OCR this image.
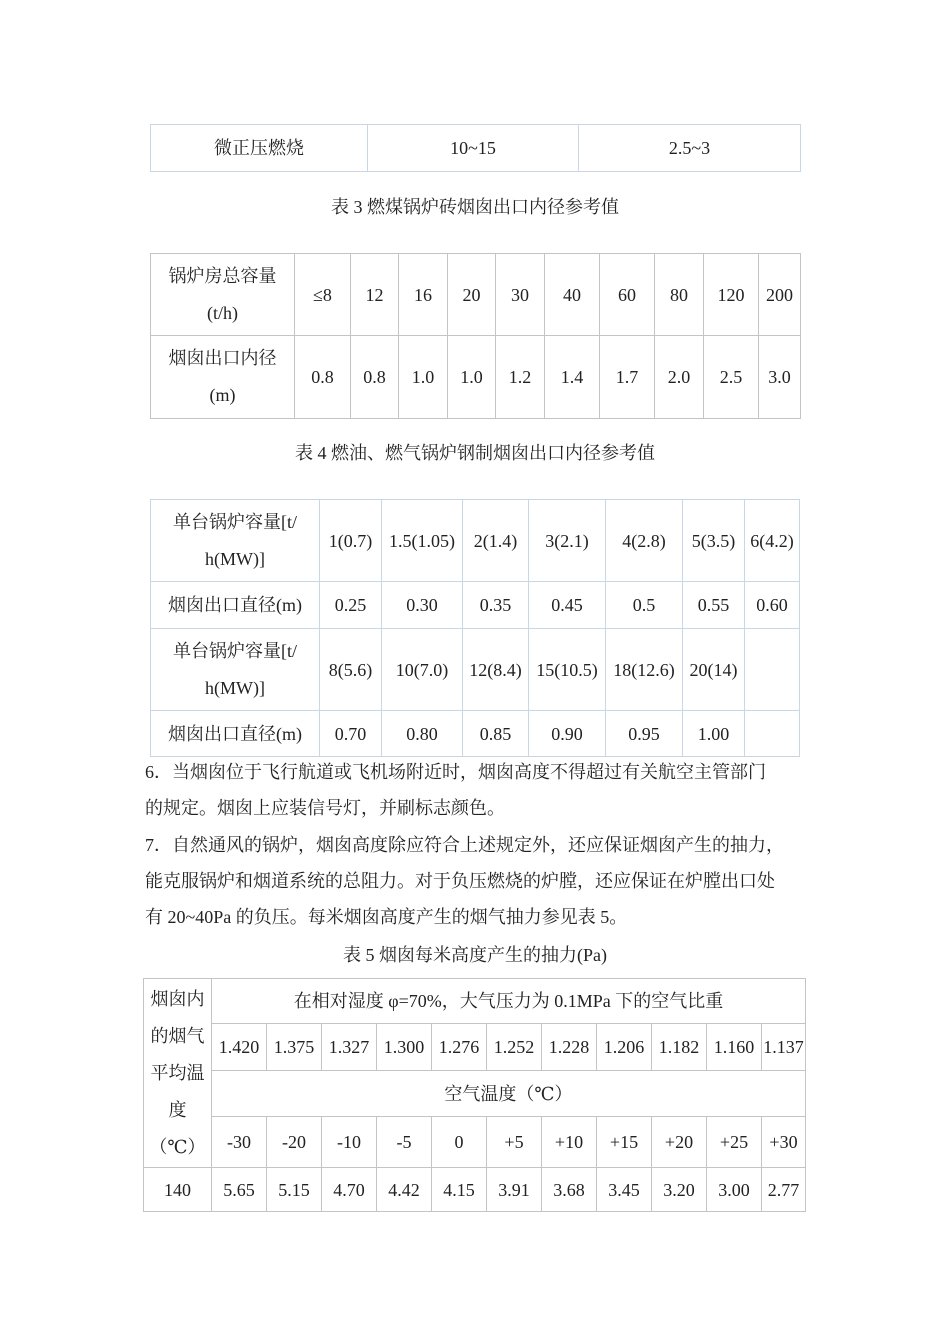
微正压燃烧	10~15	2.5~3
表 3 燃煤锅炉砖烟囱出口内径参考值
锅炉房总容量
(t/h)	≤8	12	16	20	30	40	60	80	120	200

烟囱出口内径
(m)	0.8	0.8	1.0	1.0	1.2	1.4	1.7	2.0	2.5	3.0
表 4 燃油、燃气锅炉钢制烟囱出口内径参考值
单台锅炉容量[t/
h(MW)]	1(0.7)	1.5(1.05)	2(1.4)	3(2.1)	4(2.8)	5(3.5)	6(4.2)
烟囱出口直径(m)	0.25	0.30	0.35	0.45	0.5	0.55	0.60

单台锅炉容量[t/
h(MW)]	8(5.6)	10(7.0)	12(8.4)	15(10.5)	18(12.6)	20(14)	
烟囱出口直径(m)	0.70	0.80	0.85	0.90	0.95	1.00	
6．当烟囱位于飞行航道或飞机场附近时，烟囱高度不得超过有关航空主管部门
的规定。烟囱上应装信号灯，并刷标志颜色。
7．自然通风的锅炉，烟囱高度除应符合上述规定外，还应保证烟囱产生的抽力，
能克服锅炉和烟道系统的总阻力。对于负压燃烧的炉膛，还应保证在炉膛出口处
有 20~40Pa 的负压。每米烟囱高度产生的烟气抽力参见表 5。
表 5 烟囱每米高度产生的抽力(Pa)
烟囱内
的烟气
平均温
度
（℃）	在相对湿度 φ=70%，大气压力为 0.1MPa 下的空气比重										
	1.420	1.375	1.327	1.300	1.276	1.252	1.228	1.206	1.182	1.160	1.137
	空气温度（℃）										
	-30	-20	-10	-5	0	+5	+10	+15	+20	+25	+30
140	5.65	5.15	4.70	4.42	4.15	3.91	3.68	3.45	3.20	3.00	2.77
